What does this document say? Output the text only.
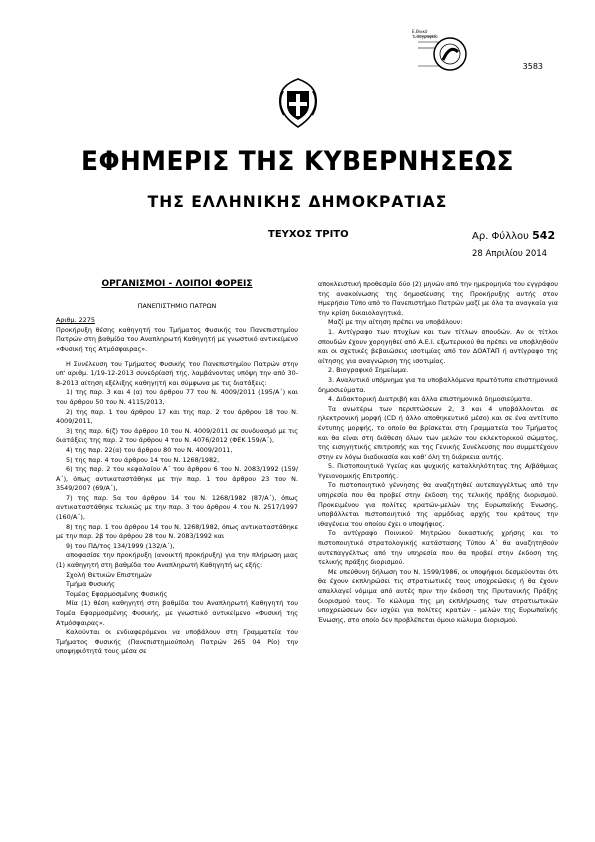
3583
Ε.Θνικό τυπογραφείο
ΕΦΗΜΕΡΙΣ ΤΗΣ ΚΥΒΕΡΝΗΣΕΩΣ
ΤΗΣ ΕΛΛΗΝΙΚΗΣ ΔΗΜΟΚΡΑΤΙΑΣ
ΤΕΥΧΟΣ ΤΡΙΤΟ	Αρ. Φύλλου 542
28 Απριλίου 2014
ΟΡΓΑΝΙΣΜΟΙ - ΛΟΙΠΟΙ ΦΟΡΕΙΣ

ΠΑΝΕΠΙΣΤΗΜΙΟ ΠΑΤΡΩΝ

Αριθμ. 2275

Προκήρυξη θέσης καθηγητή του Τμήματος Φυσικής του Πανεπιστημίου Πατρών στη βαθμίδα του Αναπληρωτή Καθηγητή με γνωστικό αντικείμενο «Φυσική της Ατμόσφαιρας».

Η Συνέλευση του Τμήματος Φυσικής του Πανεπιστημίου Πατρών στην υπ' αριθμ. 1/19-12-2013 συνεδρίασή της, λαμβάνοντας υπόψη την από 30-8-2013 αίτηση εξέλιξης καθηγητή και σύμφωνα με τις διατάξεις:

1) της παρ. 3 και 4 (α) του άρθρου 77 του Ν. 4009/2011 (195/Α΄) και του άρθρου 50 του Ν. 4115/2013,

2) της παρ. 1 του άρθρου 17 και της παρ. 2 του άρθρου 18 του Ν. 4009/2011,

3) της παρ. 6(ζ) του άρθρου 10 του Ν. 4009/2011 σε συνδυασμό με τις διατάξεις της παρ. 2 του άρθρου 4 του Ν. 4076/2012 (ΦΕΚ 159/Α΄),

4) της παρ. 22(α) του άρθρου 80 του Ν. 4009/2011,

5) της παρ. 4 του άρθρου 14 του Ν. 1268/1982,

6) της παρ. 2 του κεφαλαίου Α΄ του άρθρου 6 του Ν. 2083/1992 (159/Α΄), όπως αντικαταστάθηκε με την παρ. 1 του άρθρου 23 του Ν. 3549/2007 (69/Α΄),

7) της παρ. 5α του άρθρου 14 του Ν. 1268/1982 (87/Α΄), όπως αντικαταστάθηκε τελικώς με την παρ. 3 του άρθρου 4 του Ν. 2517/1997 (160/Α΄),

8) της παρ. 1 του άρθρου 14 του Ν. 1268/1982, όπως αντικαταστάθηκε με την παρ. 2β του άρθρου 28 του Ν. 2083/1992 και

9) του ΠΔ/τος 134/1999 (132/Α΄),

αποφασίσε την προκήρυξη (ανοικτή προκήρυξη) για την πλήρωση μιας (1) καθηγητή στη βαθμίδα του Αναπληρωτή Καθηγητή ως εξής:

Σχολή Θετικών Επιστημών

Τμήμα Φυσικής

Τομέας Εφαρμοσμένης Φυσικής

Μία (1) θέση καθηγητή στη βαθμίδα του Αναπληρωτή Καθηγητή του Τομέα Εφαρμοσμένης Φυσικής, με γνωστικό αντικείμενο «Φυσική της Ατμόσφαιρας».

Καλούνται οι ενδιαφερόμενοι να υποβάλουν στη Γραμματεία του Τμήματος Φυσικής (Πανεπιστημιούπολη Πατρών 265 04 Ρίο) την υποψηφιότητά τους μέσα σε

αποκλειστική προθεσμία δύο (2) μηνών από την ημερομηνία του εγγράφου της ανακοίνωσης της δημοσίευσης της Προκήρυξης αυτής στον Ημερήσιο Τύπο από το Πανεπιστήμιο Πατρών μαζί με όλα τα αναγκαία για την κρίση δικαιολογητικά.

Μαζί με την αίτηση πρέπει να υποβάλουν:

1. Αντίγραφο των πτυχίων και των τίτλων σπουδών. Αν οι τίτλοι σπουδών έχουν χορηγηθεί από Α.Ε.Ι. εξωτερικού θα πρέπει να υποβληθούν και οι σχετικές βεβαιώσεις ισοτιμίας από τον ΔΟΑΤΑΠ ή αντίγραφο της αίτησης για αναγνώριση της ισοτιμίας.

2. Βιογραφικό Σημείωμα.

3. Αναλυτικό υπόμνημα για τα υποβαλλόμενα πρωτότυπα επιστημονικά δημοσιεύματα.

4. Διδακτορική Διατριβή και άλλα επιστημονικά δημοσιεύματα.

Τα ανωτέρω των περιπτώσεων 2, 3 και 4 υποβάλλονται σε ηλεκτρονική μορφή (CD ή άλλο αποθηκευτικό μέσο) και σε ένα αντίτυπο έντυπης μορφής, το οποίο θα βρίσκεται στη Γραμματεία του Τμήματος και θα είναι στη διάθεση όλων των μελών του εκλεκτορικού σώματος, της εισηγητικής επιτροπής και της Γενικής Συνέλευσης που συμμετέχουν στην εν λόγω διαδικασία και καθ' όλη τη διάρκεια αυτής.

5. Πιστοποιητικό Υγείας και ψυχικής καταλληλότητας της Α/βάθμιας Υγειονομικής Επιτροπής.

Το πιστοποιητικό γέννησης θα αναζητηθεί αυτεπαγγέλτως από την υπηρεσία που θα προβεί στην έκδοση της τελικής πράξης διορισμού. Προκειμένου για πολίτες κρατών-μελών της Ευρωπαϊκής Ένωσης, υποβάλλεται πιστοποιητικό της αρμόδιας αρχής του κράτους την ιθαγένεια του οποίου έχει ο υποψήφιος.

Το αντίγραφο Ποινικού Μητρώου δικαστικής χρήσης και το πιστοποιητικό στρατολογικής κατάστασης Τύπου Α΄ θα αναζητηθούν αυτεπαγγέλτως από την υπηρεσία που θα προβεί στην έκδοση της τελικής πράξης διορισμού.

Με υπεύθυνη δήλωση του Ν. 1599/1986, οι υποψήφιοι δεσμεύονται ότι θα έχουν εκπληρώσει τις στρατιωτικές τους υποχρεώσεις ή θα έχουν απαλλαγεί νόμιμα από αυτές πριν την έκδοση της Πρυτανικής Πράξης διορισμού τους. Το κώλυμα της μη εκπλήρωσης των στρατιωτικών υποχρεώσεων δεν ισχύει για πολίτες κρατών - μελών της Ευρωπαϊκής Ένωσης, στο οποίο δεν προβλέπεται όμοιο κώλυμα διορισμού.
